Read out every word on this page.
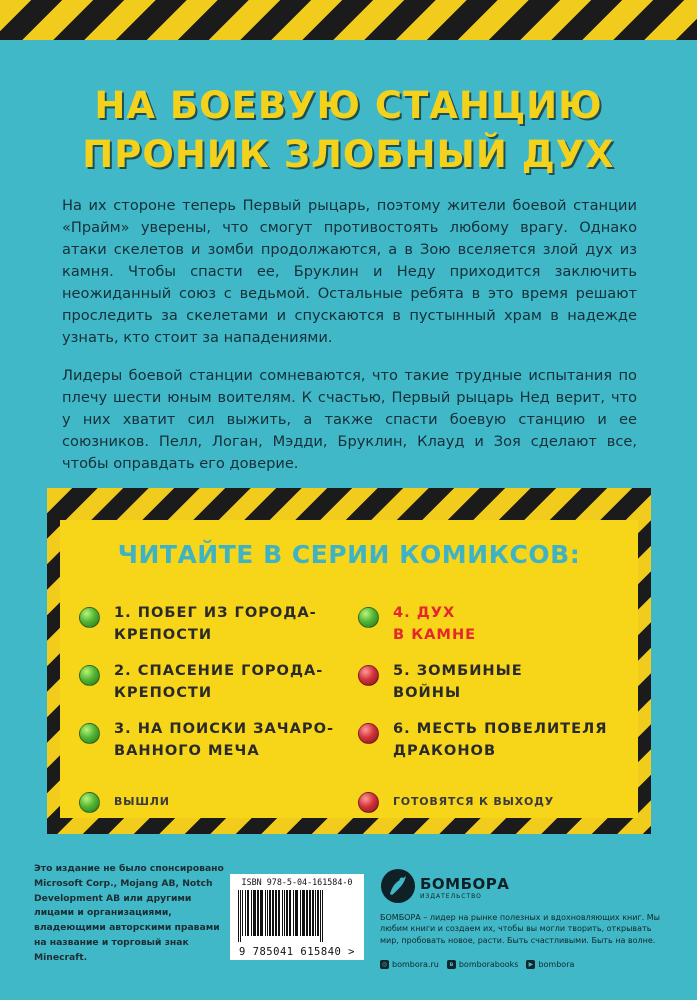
НА БОЕВУЮ СТАНЦИЮ
ПРОНИК ЗЛОБНЫЙ ДУХ

На их стороне теперь Первый рыцарь, поэтому жители боевой станции «Прайм» уверены, что смогут противостоять любому врагу. Однако атаки скелетов и зомби продолжаются, а в Зою вселяется злой дух из камня. Чтобы спасти ее, Бруклин и Неду приходится заключить неожиданный союз с ведьмой. Остальные ребята в это время решают проследить за скелетами и спускаются в пустынный храм в надежде узнать, кто стоит за нападениями.

Лидеры боевой станции сомневаются, что такие трудные испытания по плечу шести юным воителям. К счастью, Первый рыцарь Нед верит, что у них хватит сил выжить, а также спасти боевую станцию и ее союзников. Пелл, Логан, Мэдди, Бруклин, Клауд и Зоя сделают все, чтобы оправдать его доверие.

ЧИТАЙТЕ В СЕРИИ КОМИКСОВ:
1. ПОБЕГ ИЗ ГОРОДА-
КРЕПОСТИ
2. СПАСЕНИЕ ГОРОДА-
КРЕПОСТИ
3. НА ПОИСКИ ЗАЧАРО-
ВАННОГО МЕЧА
4. ДУХ
В КАМНЕ
5. ЗОМБИНЫЕ
ВОЙНЫ
6. МЕСТЬ ПОВЕЛИТЕЛЯ
ДРАКОНОВ
ВЫШЛИ	ГОТОВЯТСЯ К ВЫХОДУ
Это издание не было спонсировано Microsoft Corp., Mojang AB, Notch Development AB или другими лицами и организациями, владеющими авторскими правами на название и торговый знак Minecraft.
ISBN 978-5-04-161584-0
9 785041 615840 >
БОМБОРА
ИЗДАТЕЛЬСТВО
БОМБОРА – лидер на рынке полезных и вдохновляющих книг. Мы любим книги и создаем их, чтобы вы могли творить, открывать мир, пробовать новое, расти. Быть счастливыми. Быть на волне.
◎ bombora.ru	в bomborabooks	▶ bombora
